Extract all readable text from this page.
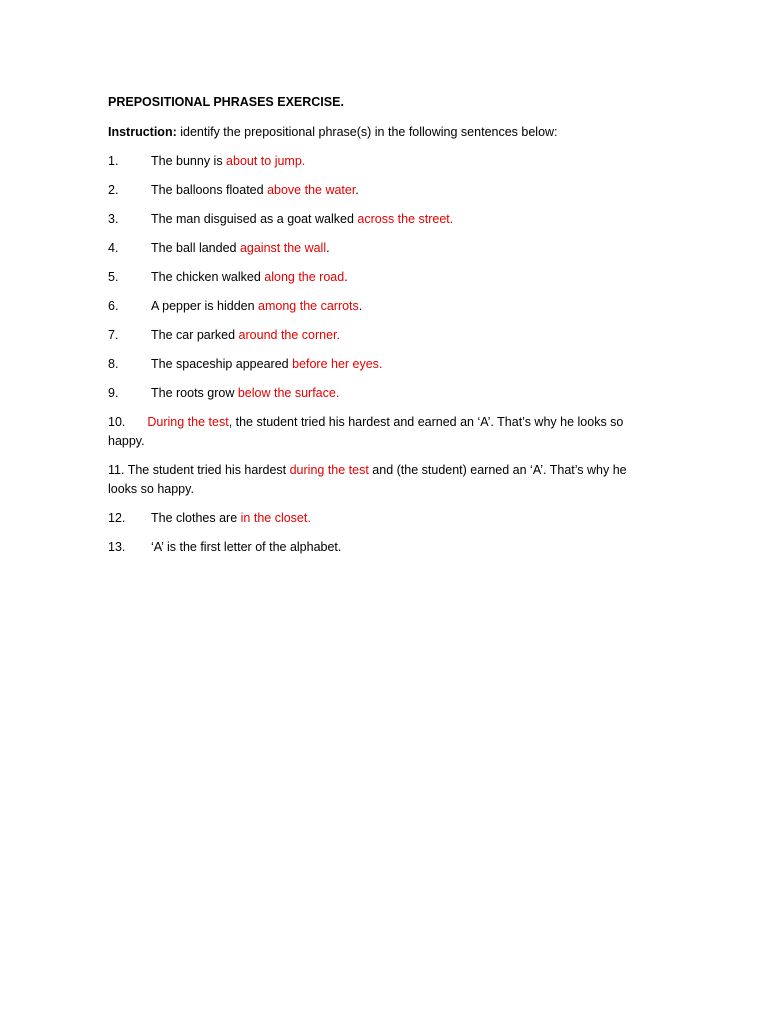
PREPOSITIONAL PHRASES EXERCISE.
Instruction: identify the prepositional phrase(s) in the following sentences below:
1.	The bunny is about to jump.
2.	The balloons floated above the water.
3.	The man disguised as a goat walked across the street.
4.	The ball landed against the wall.
5.	The chicken walked along the road.
6.	A pepper is hidden among the carrots.
7.	The car parked around the corner.
8.	The spaceship appeared before her eyes.
9.	The roots grow below the surface.
10. During the test, the student tried his hardest and earned an ‘A’. That’s why he looks so happy.
11. The student tried his hardest during the test and (the student) earned an ‘A’. That’s why he looks so happy.
12.	The clothes are in the closet.
13.	‘A’ is the first letter of the alphabet.
